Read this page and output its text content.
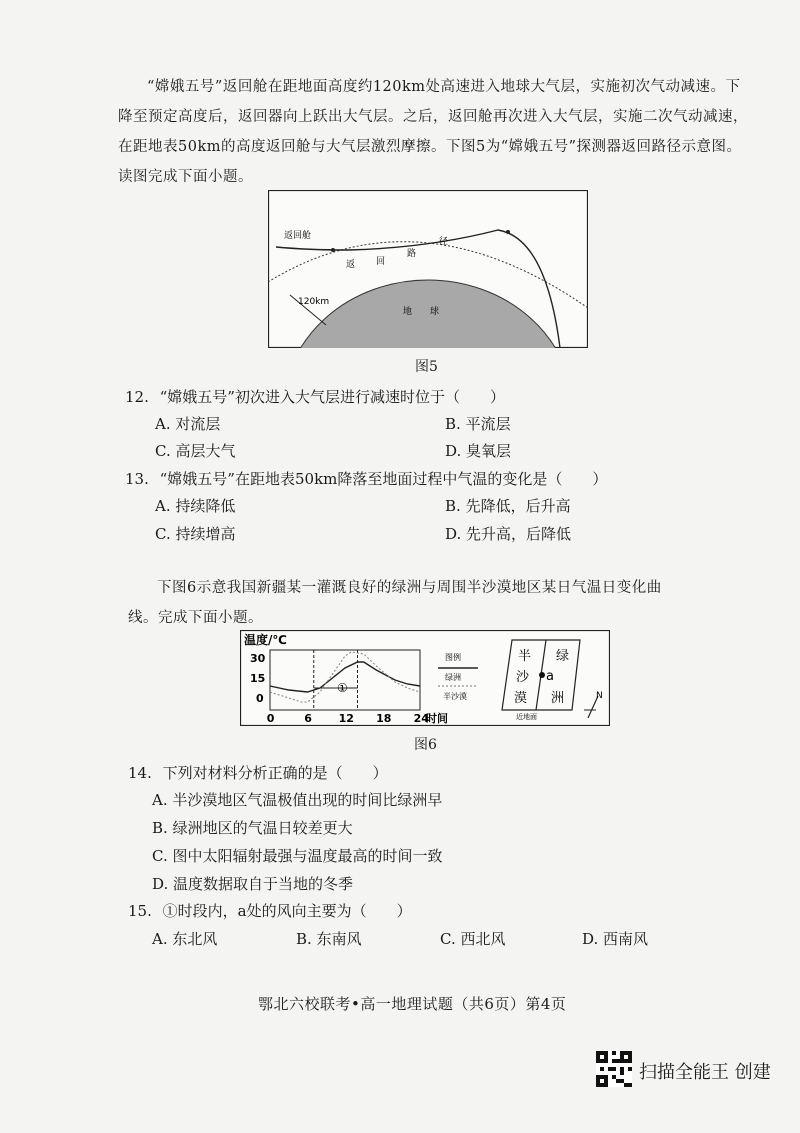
“嫦娥五号”返回舱在距地面高度约120km处高速进入地球大气层，实施初次气动减速。下降至预定高度后，返回器向上跃出大气层。之后，返回舱再次进入大气层，实施二次气动减速，在距地表50km的高度返回舱与大气层激烈摩擦。下图5为“嫦娥五号”探测器返回路径示意图。读图完成下面小题。
返回舱
返 回
路
径
120km
地 球
图5
12. “嫦娥五号”初次进入大气层进行减速时位于（　　）
A. 对流层	B. 平流层
C. 高层大气	D. 臭氧层
13. “嫦娥五号”在距地表50km降落至地面过程中气温的变化是（　　）
A. 持续降低	B. 先降低，后升高
C. 持续增高	D. 先升高，后降低
下图6示意我国新疆某一灌溉良好的绿洲与周围半沙漠地区某日气温日变化曲线。完成下面小题。
温度/℃
30
15
0
0	6 12 18 24
时间
①
图例
绿洲
半沙漠
半
沙
漠
a
绿
洲
近地面
N
图6
14. 下列对材料分析正确的是（　　）
A. 半沙漠地区气温极值出现的时间比绿洲早
B. 绿洲地区的气温日较差更大
C. 图中太阳辐射最强与温度最高的时间一致
D. 温度数据取自于当地的冬季
15. ①时段内，a处的风向主要为（　　）
A. 东北风	B. 东南风	C. 西北风	D. 西南风
鄂北六校联考•高一地理试题（共6页）第4页
扫描全能王 创建
